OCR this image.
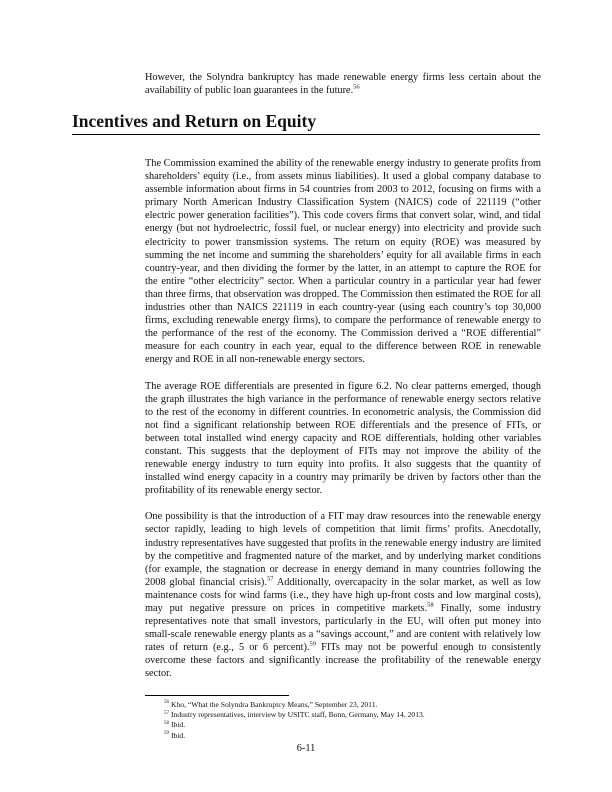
However, the Solyndra bankruptcy has made renewable energy firms less certain about the availability of public loan guarantees in the future.$^{56}$

Incentives and Return on Equity

The Commission examined the ability of the renewable energy industry to generate profits from shareholders’ equity (i.e., from assets minus liabilities). It used a global company database to assemble information about firms in 54 countries from 2003 to 2012, focusing on firms with a primary North American Industry Classification System (NAICS) code of 221119 (“other electric power generation facilities”). This code covers firms that convert solar, wind, and tidal energy (but not hydroelectric, fossil fuel, or nuclear energy) into electricity and provide such electricity to power transmission systems. The return on equity (ROE) was measured by summing the net income and summing the shareholders’ equity for all available firms in each country-year, and then dividing the former by the latter, in an attempt to capture the ROE for the entire “other electricity” sector. When a particular country in a particular year had fewer than three firms, that observation was dropped. The Commission then estimated the ROE for all industries other than NAICS 221119 in each country-year (using each country’s top 30,000 firms, excluding renewable energy firms), to compare the performance of renewable energy to the performance of the rest of the economy. The Commission derived a “ROE differential” measure for each country in each year, equal to the difference between ROE in renewable energy and ROE in all non-renewable energy sectors.

The average ROE differentials are presented in figure 6.2. No clear patterns emerged, though the graph illustrates the high variance in the performance of renewable energy sectors relative to the rest of the economy in different countries. In econometric analysis, the Commission did not find a significant relationship between ROE differentials and the presence of FITs, or between total installed wind energy capacity and ROE differentials, holding other variables constant. This suggests that the deployment of FITs may not improve the ability of the renewable energy industry to turn equity into profits. It also suggests that the quantity of installed wind energy capacity in a country may primarily be driven by factors other than the profitability of its renewable energy sector.

One possibility is that the introduction of a FIT may draw resources into the renewable energy sector rapidly, leading to high levels of competition that limit firms’ profits. Anecdotally, industry representatives have suggested that profits in the renewable energy industry are limited by the competitive and fragmented nature of the market, and by underlying market conditions (for example, the stagnation or decrease in energy demand in many countries following the 2008 global financial crisis).$^{57}$ Additionally, overcapacity in the solar market, as well as low maintenance costs for wind farms (i.e., they have high up-front costs and low marginal costs), may put negative pressure on prices in competitive markets.$^{58}$ Finally, some industry representatives note that small investors, particularly in the EU, will often put money into small-scale renewable energy plants as a “savings account,” and are content with relatively low rates of return (e.g., 5 or 6 percent).$^{59}$ FITs may not be powerful enough to consistently overcome these factors and significantly increase the profitability of the renewable energy sector.

$^{56}$ Kho, “What the Solyndra Bankruptcy Means,” September 23, 2011.
$^{57}$ Industry representatives, interview by USITC staff, Bonn, Germany, May 14, 2013.
$^{58}$ Ibid.
$^{59}$ Ibid.
6-11
